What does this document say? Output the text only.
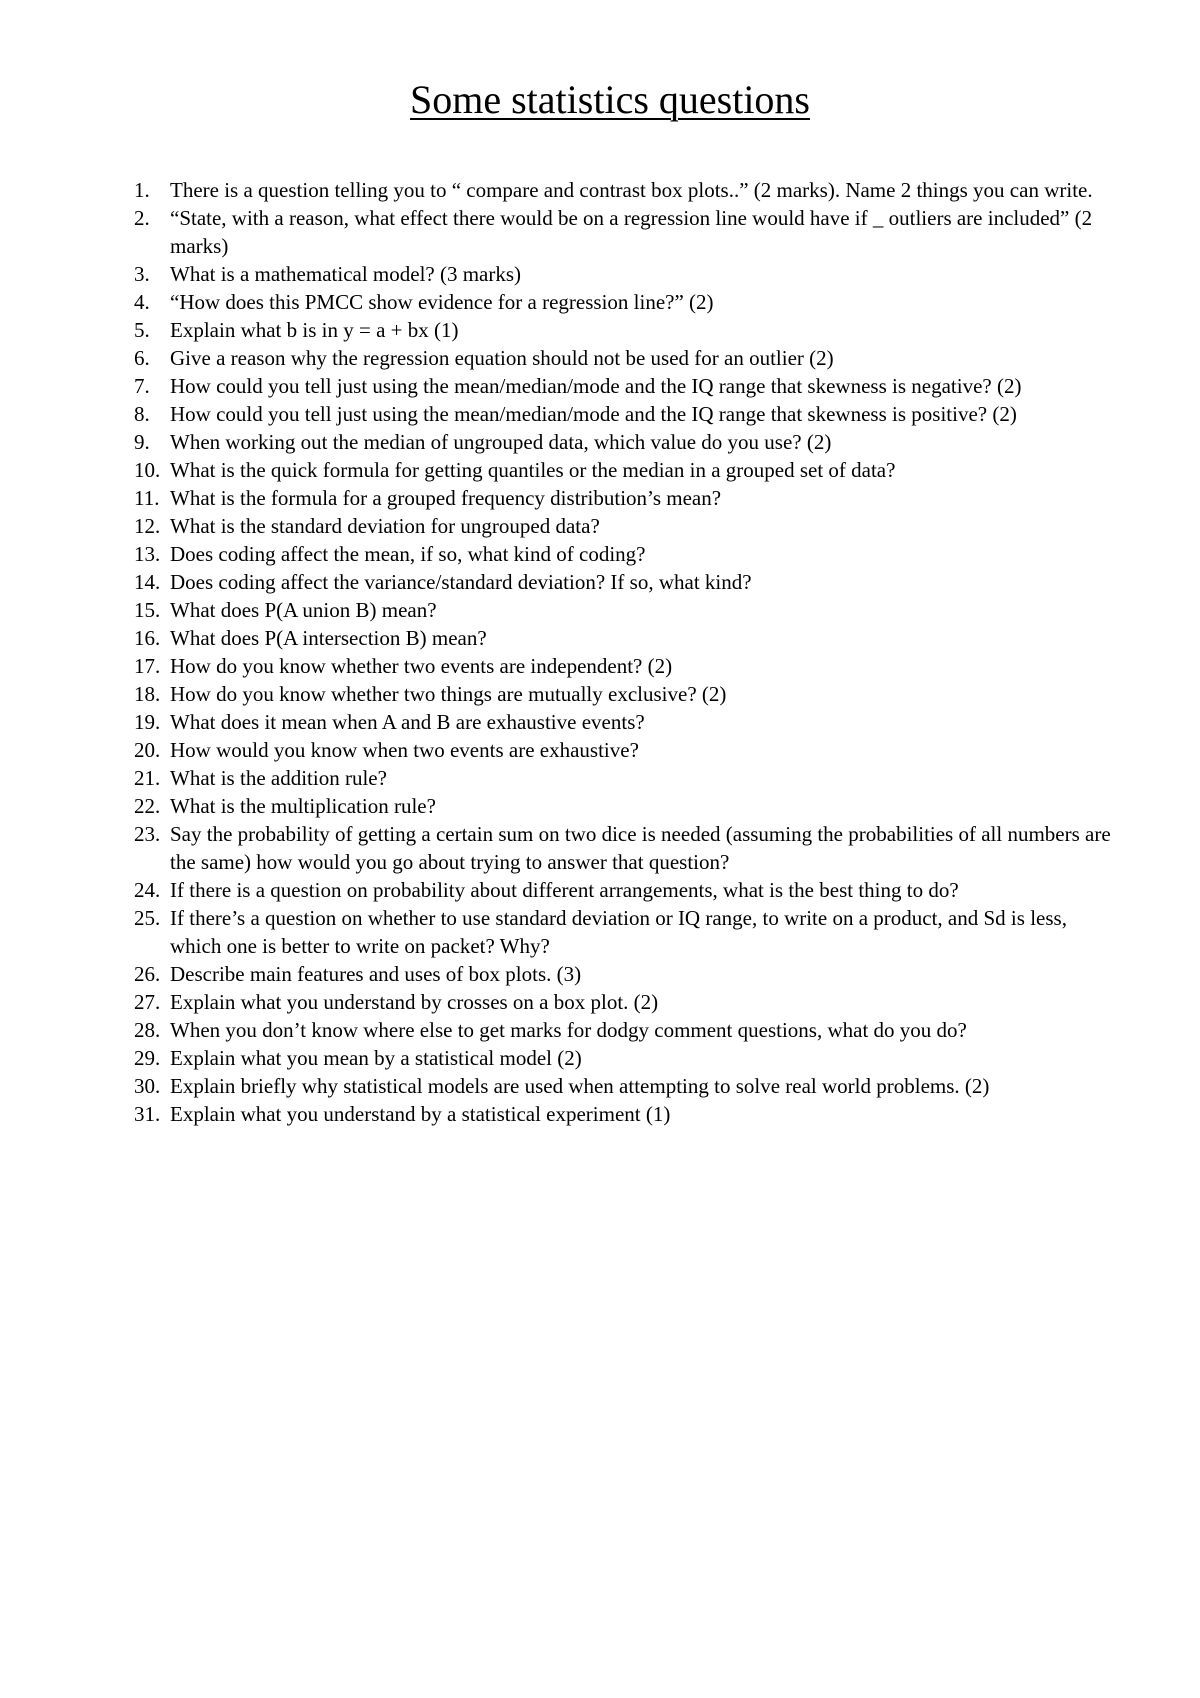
Some statistics questions
1. There is a question telling you to “ compare and contrast box plots..” (2 marks). Name 2 things you can write.
2. “State, with a reason, what effect there would be on a regression line would have if _ outliers are included” (2 marks)
3. What is a mathematical model? (3 marks)
4. “How does this PMCC show evidence for a regression line?” (2)
5. Explain what b is in y = a + bx (1)
6. Give a reason why the regression equation should not be used for an outlier (2)
7. How could you tell just using the mean/median/mode and the IQ range that skewness is negative? (2)
8. How could you tell just using the mean/median/mode and the IQ range that skewness is positive? (2)
9. When working out the median of ungrouped data, which value do you use? (2)
10. What is the quick formula for getting quantiles or the median in a grouped set of data?
11. What is the formula for a grouped frequency distribution’s mean?
12. What is the standard deviation for ungrouped data?
13. Does coding affect the mean, if so, what kind of coding?
14. Does coding affect the variance/standard deviation? If so, what kind?
15. What does P(A union B) mean?
16. What does P(A intersection B) mean?
17. How do you know whether two events are independent? (2)
18. How do you know whether two things are mutually exclusive? (2)
19. What does it mean when A and B are exhaustive events?
20. How would you know when two events are exhaustive?
21. What is the addition rule?
22. What is the multiplication rule?
23. Say the probability of getting a certain sum on two dice is needed (assuming the probabilities of all numbers are the same) how would you go about trying to answer that question?
24. If there is a question on probability about different arrangements, what is the best thing to do?
25. If there’s a question on whether to use standard deviation or IQ range, to write on a product, and Sd is less, which one is better to write on packet? Why?
26. Describe main features and uses of box plots. (3)
27. Explain what you understand by crosses on a box plot. (2)
28. When you don’t know where else to get marks for dodgy comment questions, what do you do?
29. Explain what you mean by a statistical model (2)
30. Explain briefly why statistical models are used when attempting to solve real world problems. (2)
31. Explain what you understand by a statistical experiment (1)
